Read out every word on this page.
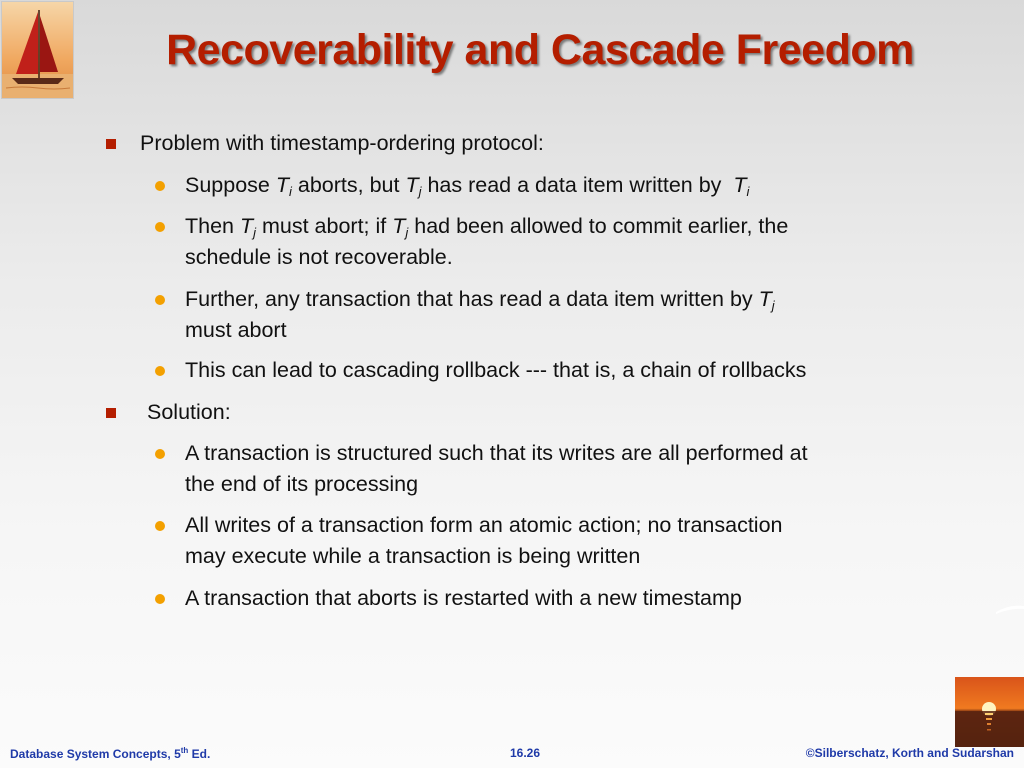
Recoverability and Cascade Freedom
Problem with timestamp-ordering protocol:
Suppose $T_i$ aborts, but $T_j$ has read a data item written by  $T_i$
Then $T_j$ must abort; if $T_j$ had been allowed to commit earlier, the
schedule is not recoverable.
Further, any transaction that has read a data item written by $T_j$
must abort
This can lead to cascading rollback --- that is, a chain of rollbacks
Solution:
A transaction is structured such that its writes are all performed at
the end of its processing
All writes of a transaction form an atomic action; no transaction
may execute while a transaction is being written
A transaction that aborts is restarted with a new timestamp
Database System Concepts, 5th Ed.	16.26	©Silberschatz, Korth and Sudarshan
